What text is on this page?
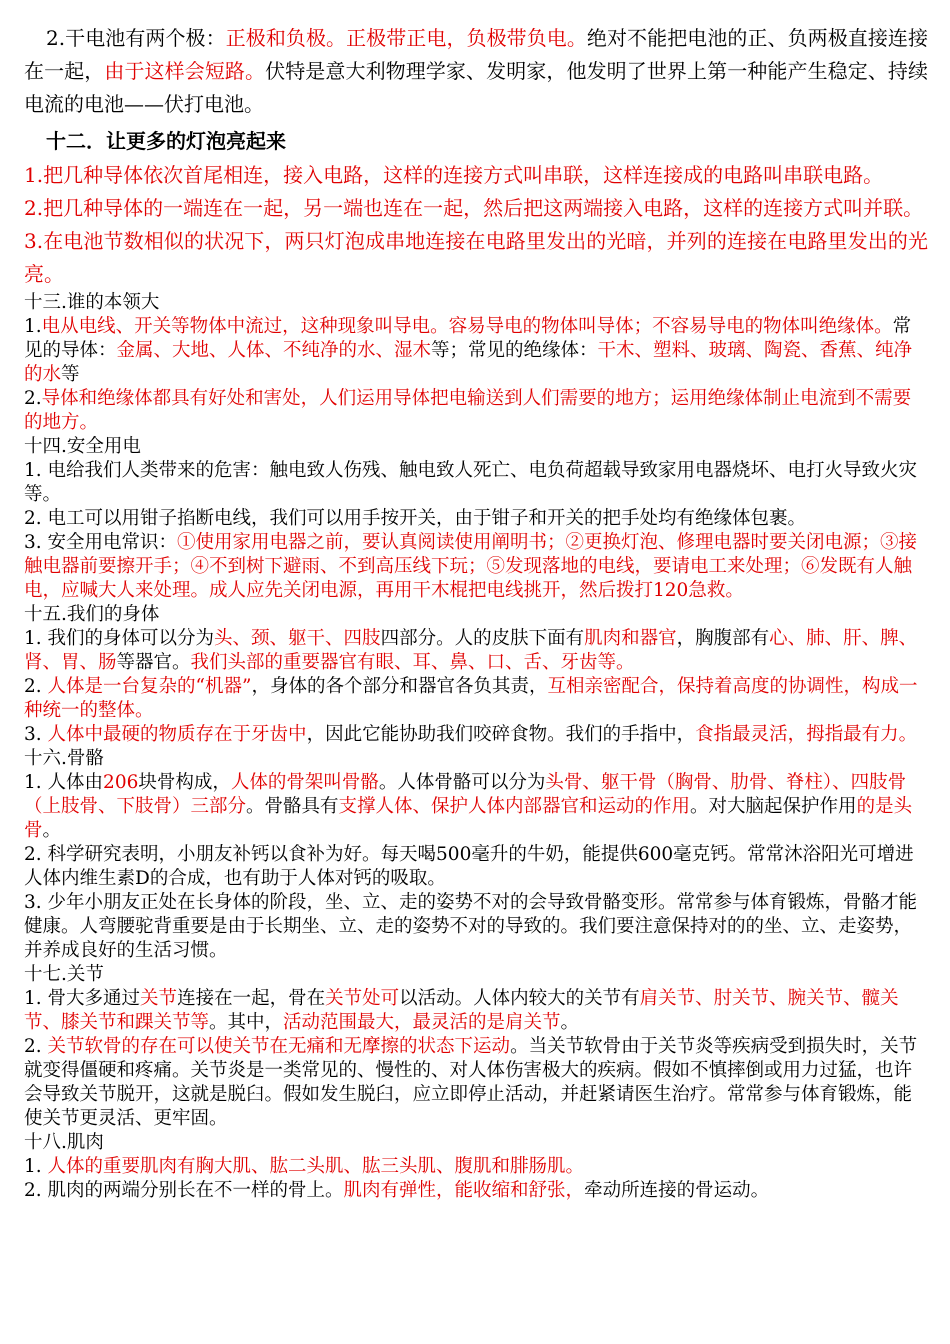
2.干电池有两个极：正极和负极。正极带正电，负极带负电。绝对不能把电池的正、负两极直接连接在一起，由于这样会短路。伏特是意大利物理学家、发明家，他发明了世界上第一种能产生稳定、持续电流的电池——伏打电池。

十二．让更多的灯泡亮起来

1.把几种导体依次首尾相连，接入电路，这样的连接方式叫串联，这样连接成的电路叫串联电路。

2.把几种导体的一端连在一起，另一端也连在一起，然后把这两端接入电路，这样的连接方式叫并联。

3.在电池节数相似的状况下，两只灯泡成串地连接在电路里发出的光暗，并列的连接在电路里发出的光亮。

十三.谁的本领大

1.电从电线、开关等物体中流过，这种现象叫导电。容易导电的物体叫导体；不容易导电的物体叫绝缘体。常见的导体：金属、大地、人体、不纯净的水、湿木等；常见的绝缘体：干木、塑料、玻璃、陶瓷、香蕉、纯净的水等

2.导体和绝缘体都具有好处和害处，人们运用导体把电输送到人们需要的地方；运用绝缘体制止电流到不需要的地方。

十四.安全用电

1. 电给我们人类带来的危害：触电致人伤残、触电致人死亡、电负荷超载导致家用电器烧坏、电打火导致火灾等。

2. 电工可以用钳子掐断电线，我们可以用手按开关，由于钳子和开关的把手处均有绝缘体包裹。

3. 安全用电常识：①使用家用电器之前，要认真阅读使用阐明书；②更换灯泡、修理电器时要关闭电源；③接触电器前要擦开手；④不到树下避雨、不到高压线下玩；⑤发现落地的电线，要请电工来处理；⑥发既有人触电，应喊大人来处理。成人应先关闭电源，再用干木棍把电线挑开，然后拨打120急救。

十五.我们的身体

1. 我们的身体可以分为头、颈、躯干、四肢四部分。人的皮肤下面有肌肉和器官，胸腹部有心、肺、肝、脾、肾、胃、肠等器官。我们头部的重要器官有眼、耳、鼻、口、舌、牙齿等。

2. 人体是一台复杂的“机器”，身体的各个部分和器官各负其责，互相亲密配合，保持着高度的协调性，构成一种统一的整体。

3. 人体中最硬的物质存在于牙齿中，因此它能协助我们咬碎食物。我们的手指中，食指最灵活，拇指最有力。

十六.骨骼

1. 人体由206块骨构成，人体的骨架叫骨骼。人体骨骼可以分为头骨、躯干骨（胸骨、肋骨、脊柱）、四肢骨（上肢骨、下肢骨）三部分。骨骼具有支撑人体、保护人体内部器官和运动的作用。对大脑起保护作用的是头骨。

2. 科学研究表明，小朋友补钙以食补为好。每天喝500毫升的牛奶，能提供600毫克钙。常常沐浴阳光可增进人体内维生素D的合成，也有助于人体对钙的吸取。

3. 少年小朋友正处在长身体的阶段，坐、立、走的姿势不对的会导致骨骼变形。常常参与体育锻炼，骨骼才能健康。人弯腰驼背重要是由于长期坐、立、走的姿势不对的导致的。我们要注意保持对的的坐、立、走姿势，并养成良好的生活习惯。

十七.关节

1. 骨大多通过关节连接在一起，骨在关节处可以活动。人体内较大的关节有肩关节、肘关节、腕关节、髋关节、膝关节和踝关节等。其中，活动范围最大，最灵活的是肩关节。

2. 关节软骨的存在可以使关节在无痛和无摩擦的状态下运动。当关节软骨由于关节炎等疾病受到损失时，关节就变得僵硬和疼痛。关节炎是一类常见的、慢性的、对人体伤害极大的疾病。假如不慎摔倒或用力过猛，也许会导致关节脱开，这就是脱臼。假如发生脱臼，应立即停止活动，并赶紧请医生治疗。常常参与体育锻炼，能使关节更灵活、更牢固。

十八.肌肉

1. 人体的重要肌肉有胸大肌、肱二头肌、肱三头肌、腹肌和腓肠肌。

2. 肌肉的两端分别长在不一样的骨上。肌肉有弹性，能收缩和舒张，牵动所连接的骨运动。
